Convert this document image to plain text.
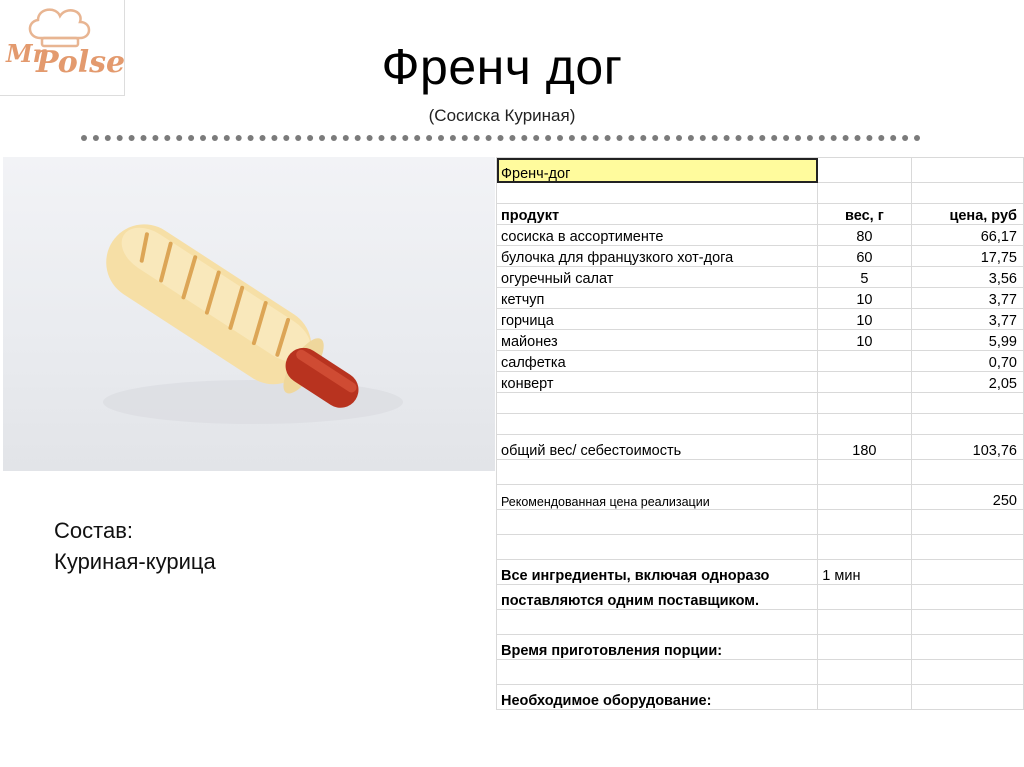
Mr
Polse	Френч дог
(Сосиска Куриная)
Состав:
Куриная-курица
Френч-дог		

продукт	вес, г	цена, руб
сосиска в ассортименте	80	66,17
булочка для французкого хот-дога	60	17,75
огуречный салат	5	3,56
кетчуп	10	3,77
горчица	10	3,77
майонез	10	5,99
салфетка		0,70
конверт		2,05

общий вес/ себестоимость	180	103,76

Рекомендованная цена реализации		250

Все ингредиенты, включая одноразо	1 мин	
поставляются одним поставщиком.		

Время приготовления порции:		

Необходимое оборудование:		
